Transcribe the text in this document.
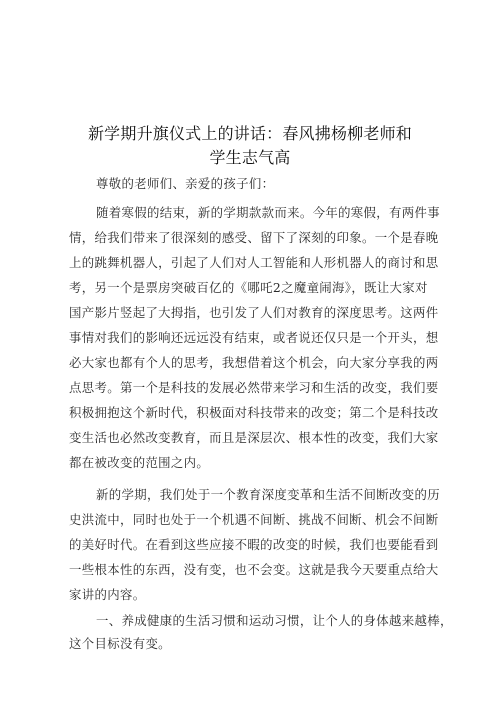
新学期升旗仪式上的讲话：春风拂杨柳老师和
学生志气高
尊敬的老师们、亲爱的孩子们：
随着寒假的结束，新的学期款款而来。今年的寒假，有两件事
情，给我们带来了很深刻的感受、留下了深刻的印象。一个是春晚
上的跳舞机器人，引起了人们对人工智能和人形机器人的商讨和思
考，另一个是票房突破百亿的《哪吒2之魔童闹海》，既让大家对
国产影片竖起了大拇指，也引发了人们对教育的深度思考。这两件
事情对我们的影响还远远没有结束，或者说还仅只是一个开头，想
必大家也都有个人的思考，我想借着这个机会，向大家分享我的两
点思考。第一个是科技的发展必然带来学习和生活的改变，我们要
积极拥抱这个新时代，积极面对科技带来的改变；第二个是科技改
变生活也必然改变教育，而且是深层次、根本性的改变，我们大家
都在被改变的范围之内。
新的学期，我们处于一个教育深度变革和生活不间断改变的历
史洪流中，同时也处于一个机遇不间断、挑战不间断、机会不间断
的美好时代。在看到这些应接不暇的改变的时候，我们也要能看到
一些根本性的东西，没有变，也不会变。这就是我今天要重点给大
家讲的内容。
一、养成健康的生活习惯和运动习惯，让个人的身体越来越棒，
这个目标没有变。
